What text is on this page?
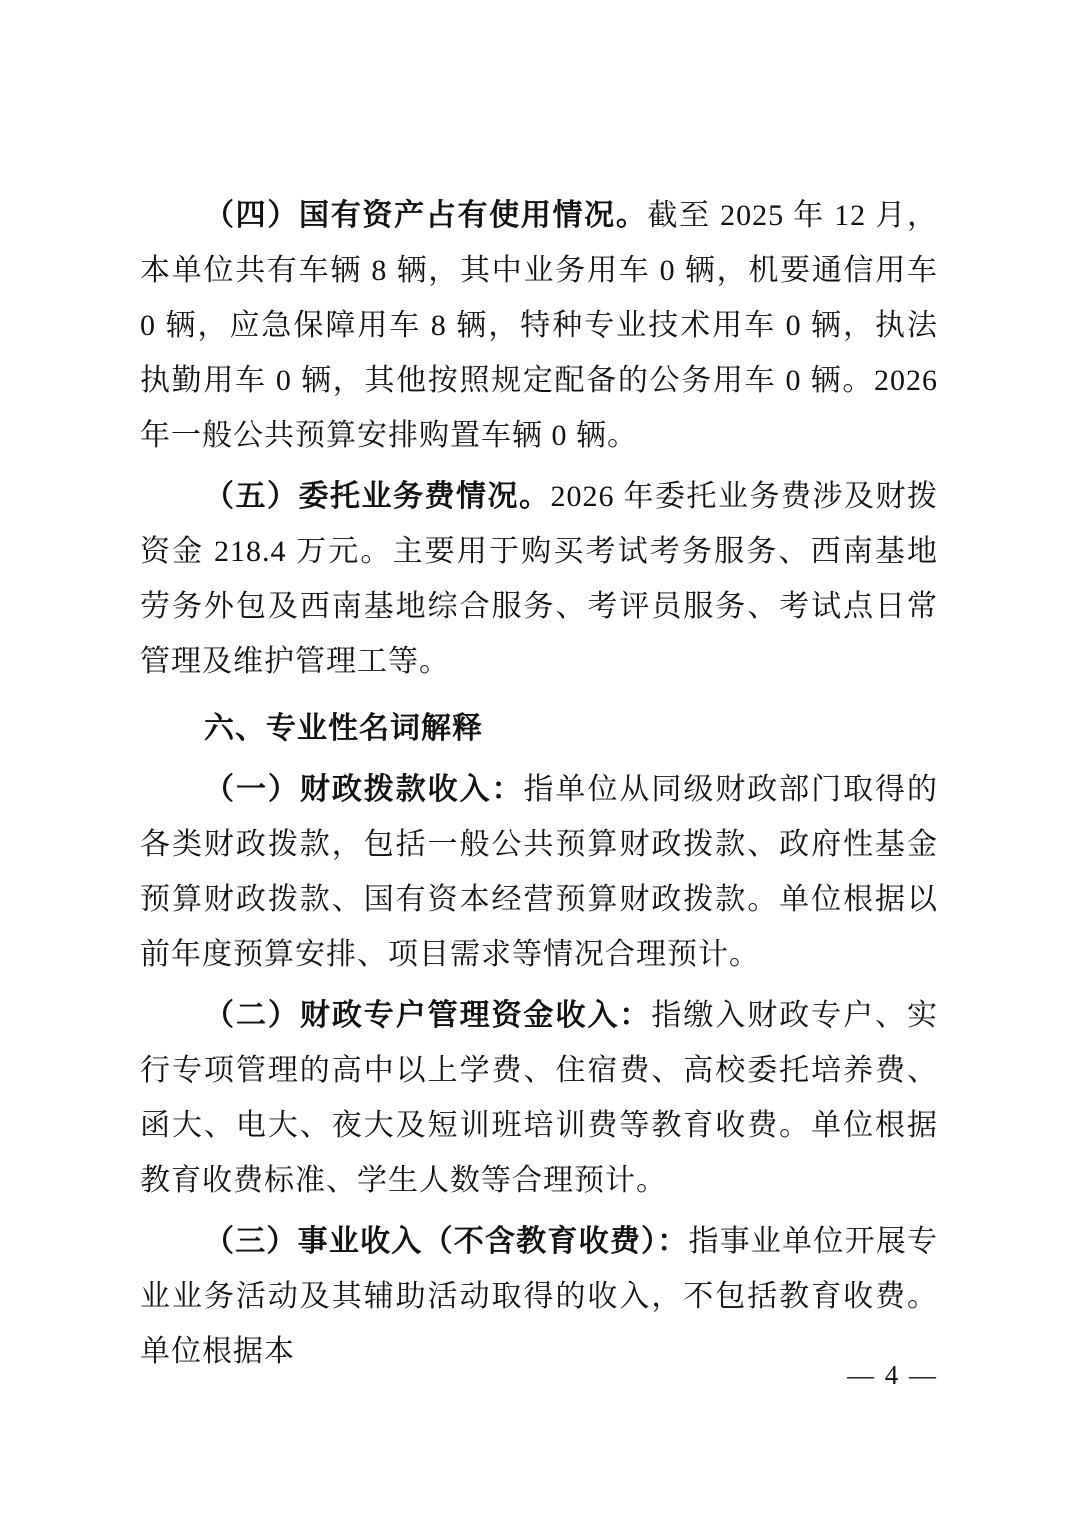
（四）国有资产占有使用情况。截至 2025 年 12 月，本单位共有车辆 8 辆，其中业务用车 0 辆，机要通信用车 0 辆，应急保障用车 8 辆，特种专业技术用车 0 辆，执法执勤用车 0 辆，其他按照规定配备的公务用车 0 辆。2026 年一般公共预算安排购置车辆 0 辆。

（五）委托业务费情况。2026 年委托业务费涉及财拨资金 218.4 万元。主要用于购买考试考务服务、西南基地劳务外包及西南基地综合服务、考评员服务、考试点日常管理及维护管理工等。

六、专业性名词解释

（一）财政拨款收入：指单位从同级财政部门取得的各类财政拨款，包括一般公共预算财政拨款、政府性基金预算财政拨款、国有资本经营预算财政拨款。单位根据以前年度预算安排、项目需求等情况合理预计。

（二）财政专户管理资金收入：指缴入财政专户、实行专项管理的高中以上学费、住宿费、高校委托培养费、函大、电大、夜大及短训班培训费等教育收费。单位根据教育收费标准、学生人数等合理预计。

（三）事业收入（不含教育收费）：指事业单位开展专业业务活动及其辅助活动取得的收入，不包括教育收费。单位根据本

— 4 —
